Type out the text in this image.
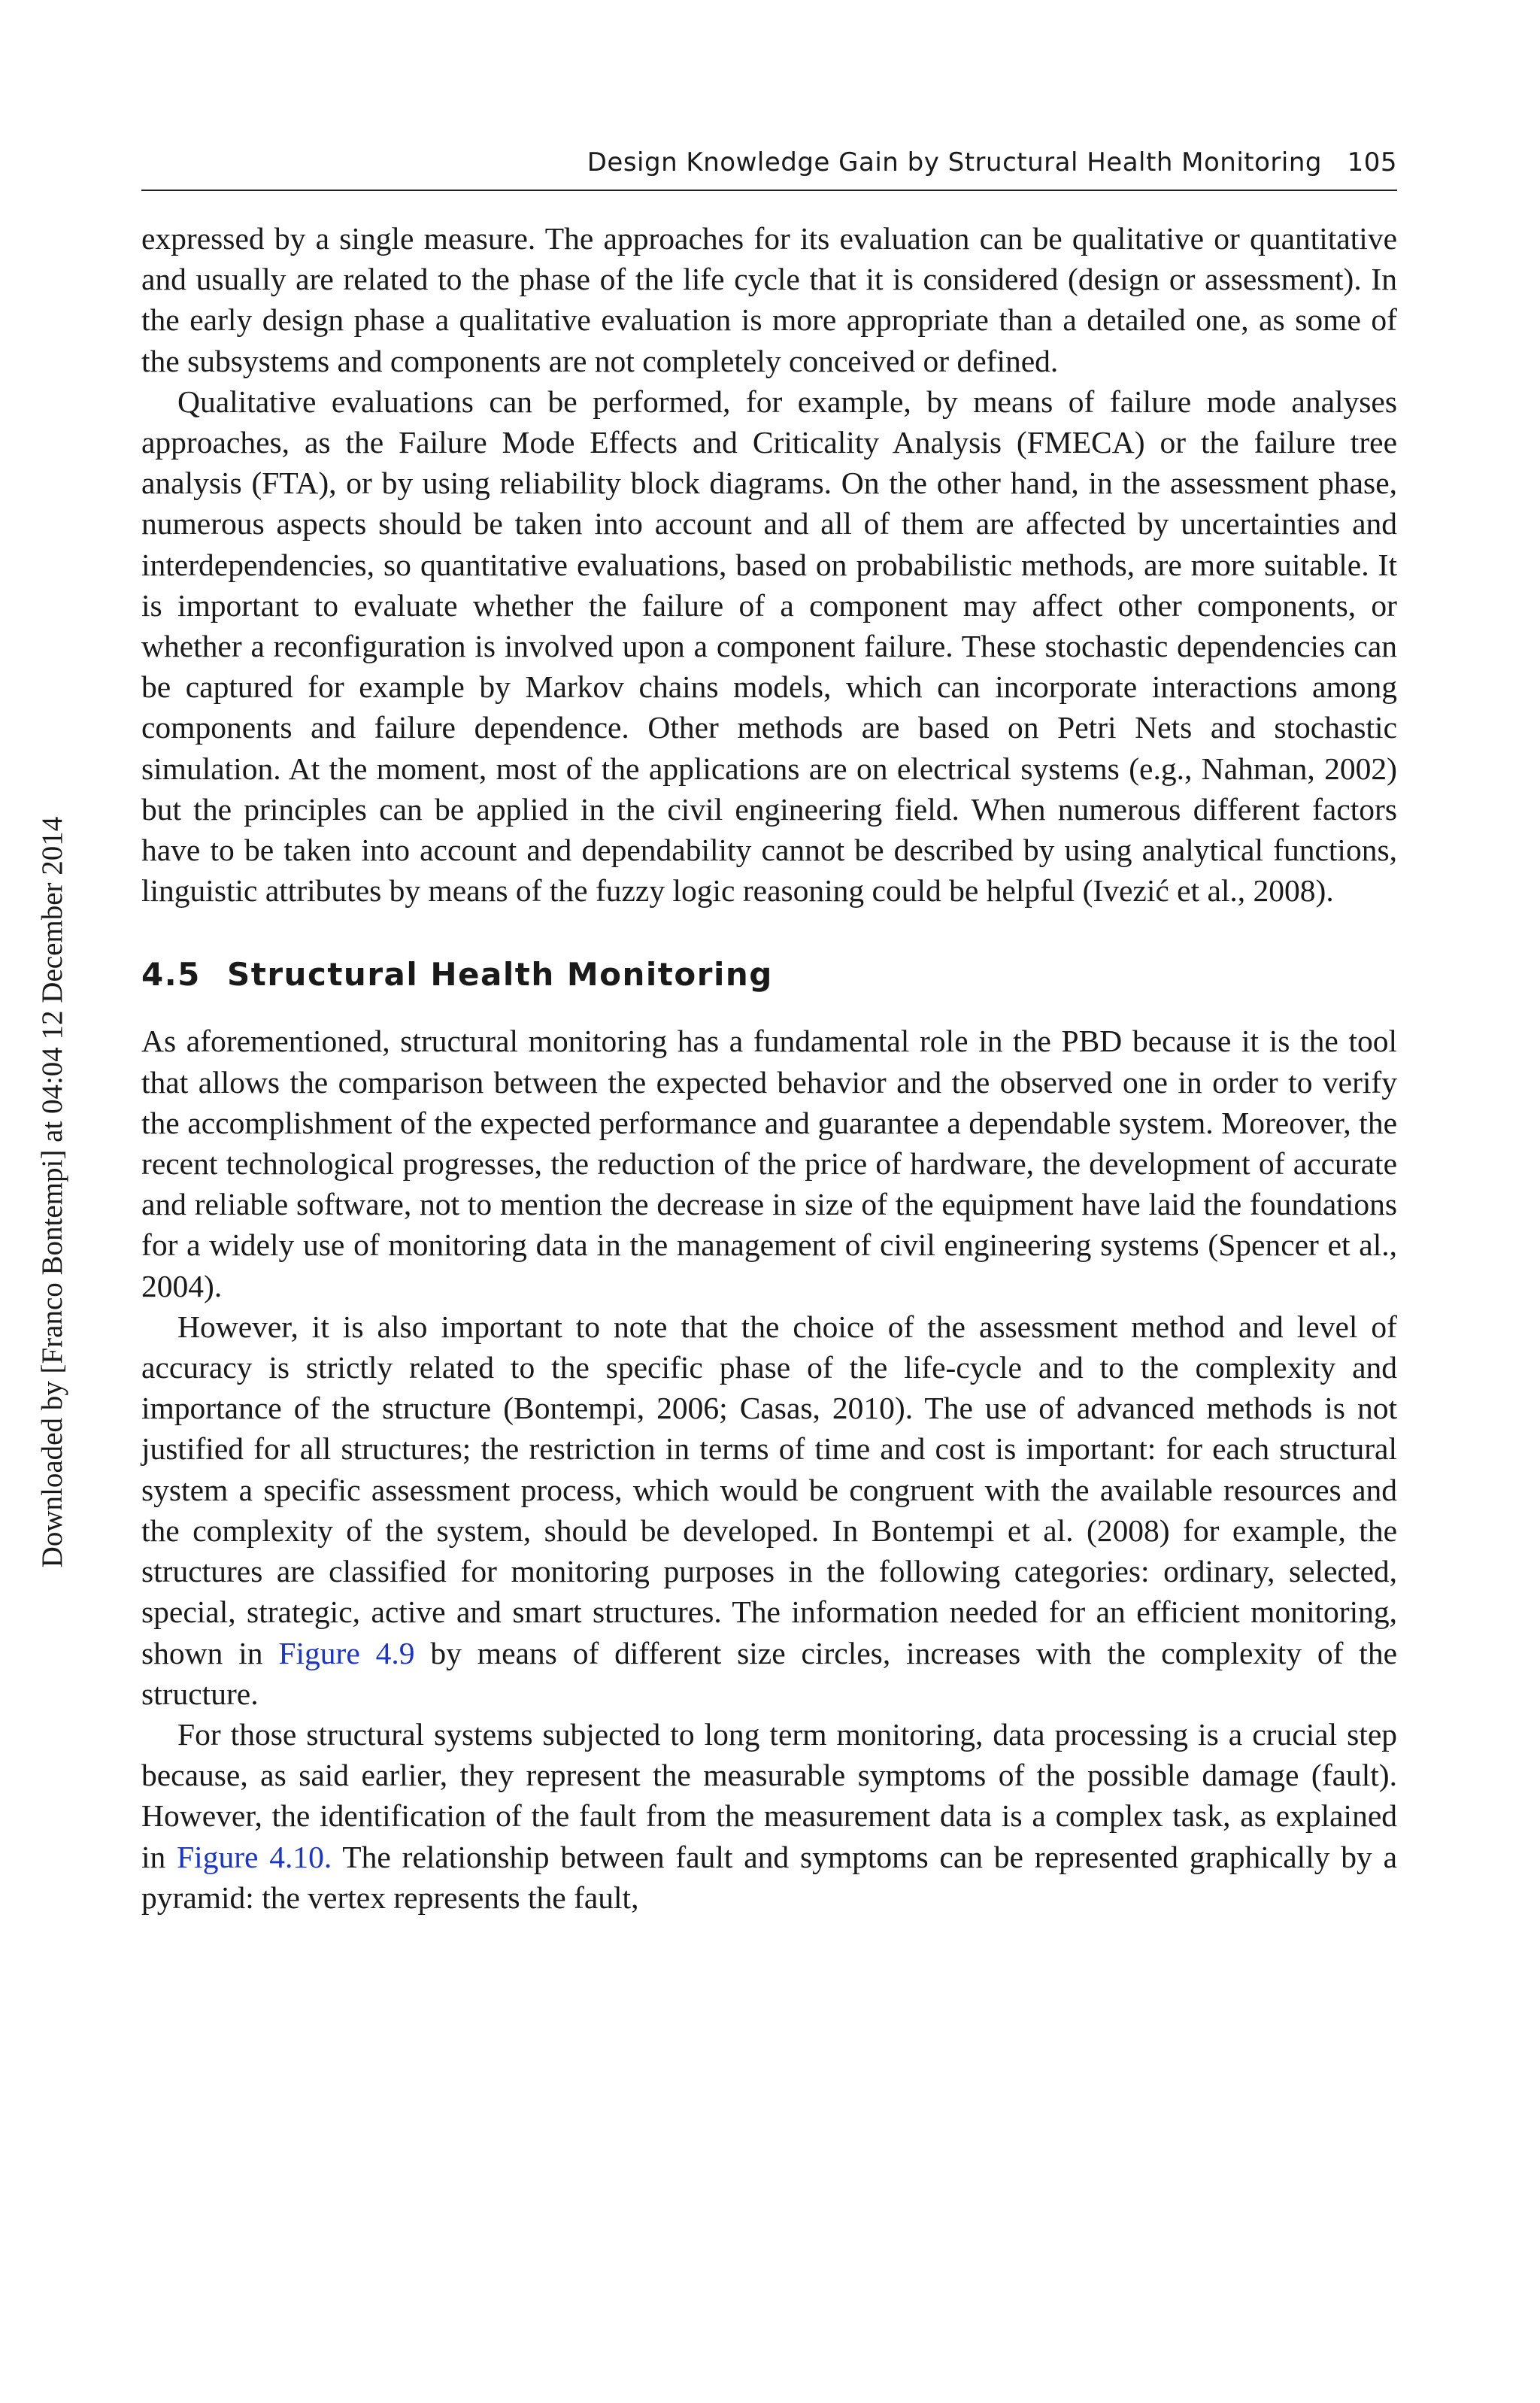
Design Knowledge Gain by Structural Health Monitoring 105
Downloaded by [Franco Bontempi] at 04:04 12 December 2014

expressed by a single measure. The approaches for its evaluation can be qualitative or quantitative and usually are related to the phase of the life cycle that it is considered (design or assessment). In the early design phase a qualitative evaluation is more appropriate than a detailed one, as some of the subsystems and components are not completely conceived or defined.

Qualitative evaluations can be performed, for example, by means of failure mode analyses approaches, as the Failure Mode Effects and Criticality Analysis (FMECA) or the failure tree analysis (FTA), or by using reliability block diagrams. On the other hand, in the assessment phase, numerous aspects should be taken into account and all of them are affected by uncertainties and interdependencies, so quantitative evaluations, based on probabilistic methods, are more suitable. It is important to evaluate whether the failure of a component may affect other components, or whether a reconfiguration is involved upon a component failure. These stochastic dependencies can be captured for example by Markov chains models, which can incorporate interactions among components and failure dependence. Other methods are based on Petri Nets and stochastic simulation. At the moment, most of the applications are on electrical systems (e.g., Nahman, 2002) but the principles can be applied in the civil engineering field. When numerous different factors have to be taken into account and dependability cannot be described by using analytical functions, linguistic attributes by means of the fuzzy logic reasoning could be helpful (Ivezić et al., 2008).

4.5 Structural Health Monitoring

As aforementioned, structural monitoring has a fundamental role in the PBD because it is the tool that allows the comparison between the expected behavior and the observed one in order to verify the accomplishment of the expected performance and guarantee a dependable system. Moreover, the recent technological progresses, the reduction of the price of hardware, the development of accurate and reliable software, not to mention the decrease in size of the equipment have laid the foundations for a widely use of monitoring data in the management of civil engineering systems (Spencer et al., 2004).

However, it is also important to note that the choice of the assessment method and level of accuracy is strictly related to the specific phase of the life-cycle and to the complexity and importance of the structure (Bontempi, 2006; Casas, 2010). The use of advanced methods is not justified for all structures; the restriction in terms of time and cost is important: for each structural system a specific assessment process, which would be congruent with the available resources and the complexity of the system, should be developed. In Bontempi et al. (2008) for example, the structures are classified for monitoring purposes in the following categories: ordinary, selected, special, strategic, active and smart structures. The information needed for an efficient monitoring, shown in Figure 4.9 by means of different size circles, increases with the complexity of the structure.

For those structural systems subjected to long term monitoring, data processing is a crucial step because, as said earlier, they represent the measurable symptoms of the possible damage (fault). However, the identification of the fault from the measurement data is a complex task, as explained in Figure 4.10. The relationship between fault and symptoms can be represented graphically by a pyramid: the vertex represents the fault,
